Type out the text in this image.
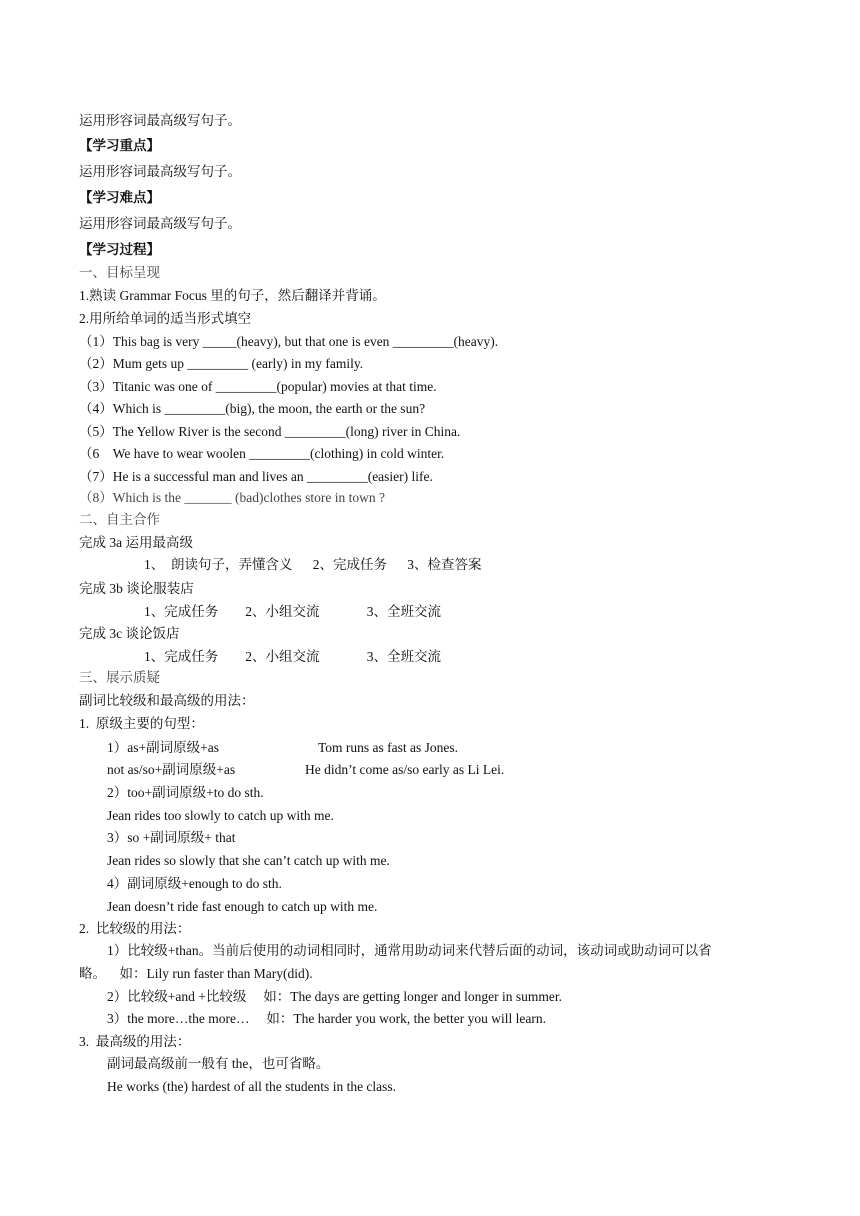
运用形容词最高级写句子。
【学习重点】
运用形容词最高级写句子。
【学习难点】
运用形容词最高级写句子。
【学习过程】
一、目标呈现
1.熟读 Grammar Focus 里的句子，然后翻译并背诵。
2.用所给单词的适当形式填空
（1）This bag is very _____(heavy), but that one is even _________(heavy).
（2）Mum gets up _________ (early) in my family.
（3）Titanic was one of _________(popular) movies at that time.
（4）Which is _________(big), the moon, the earth or the sun?
（5）The Yellow River is the second _________(long) river in China.
（6    We have to wear woolen _________(clothing) in cold winter.
（7）He is a successful man and lives an _________(easier) life.
（8）Which is the _______ (bad)clothes store in town ?
二、自主合作
完成 3a 运用最高级
1、  朗读句子，弄懂含义      2、完成任务      3、检查答案
完成 3b 谈论服装店
1、完成任务        2、小组交流              3、全班交流
完成 3c 谈论饭店
1、完成任务        2、小组交流              3、全班交流
三、展示质疑
副词比较级和最高级的用法：
1.  原级主要的句型：
1）as+副词原级+as	Tom runs as fast as Jones.
not as/so+副词原级+as	He didn’t come as/so early as Li Lei.
2）too+副词原级+to do sth.
Jean rides too slowly to catch up with me.
3）so +副词原级+ that
Jean rides so slowly that she can’t catch up with me.
4）副词原级+enough to do sth.
Jean doesn’t ride fast enough to catch up with me.
2.  比较级的用法：
1）比较级+than。当前后使用的动词相同时，通常用助动词来代替后面的动词，该动词或助动词可以省
略。    如：Lily run faster than Mary(did).
2）比较级+and +比较级     如：The days are getting longer and longer in summer.
3）the more…the more…     如：The harder you work, the better you will learn.
3.  最高级的用法：
副词最高级前一般有 the，也可省略。
He works (the) hardest of all the students in the class.
